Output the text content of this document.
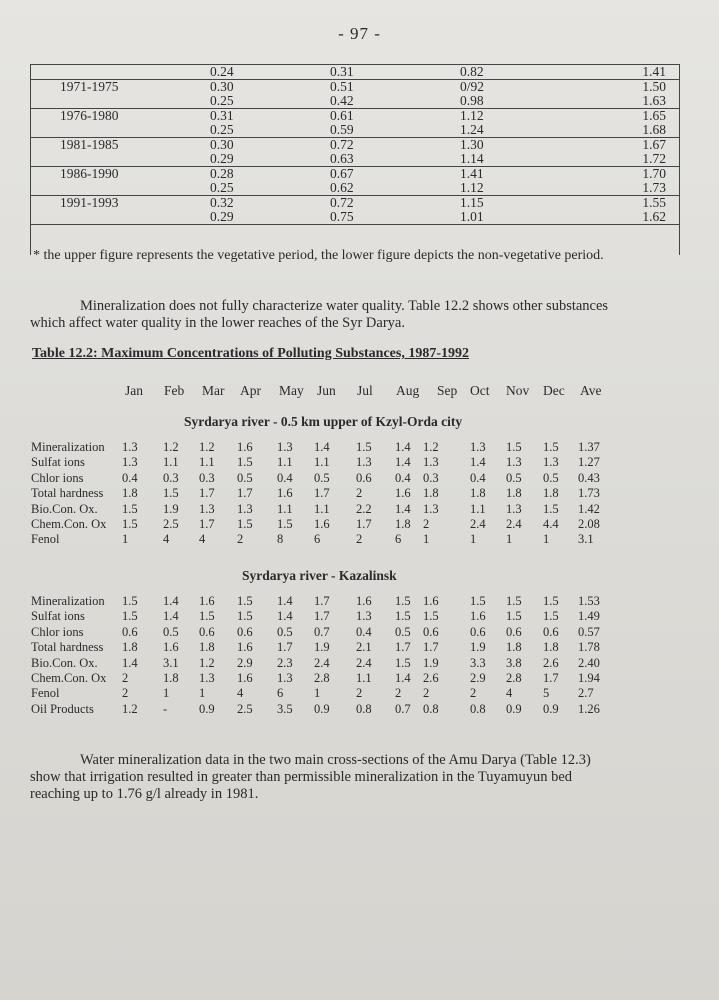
- 97 -
	0.24	0.31	0.82	1.41
1971-1975	0.30	0.51	0/92	1.50
	0.25	0.42	0.98	1.63
1976-1980	0.31	0.61	1.12	1.65
	0.25	0.59	1.24	1.68
1981-1985	0.30	0.72	1.30	1.67
	0.29	0.63	1.14	1.72
1986-1990	0.28	0.67	1.41	1.70
	0.25	0.62	1.12	1.73
1991-1993	0.32	0.72	1.15	1.55
	0.29	0.75	1.01	1.62
* the upper figure represents the vegetative period, the lower figure depicts the non-vegetative period.
Mineralization does not fully characterize water quality. Table 12.2 shows other substances which affect water quality in the lower reaches of the Syr Darya.
Table 12.2: Maximum Concentrations of Polluting Substances, 1987-1992
Jan Feb Mar Apr May Jun Jul Aug Sep Oct Nov Dec Ave
Syrdarya river - 0.5 km upper of Kzyl-Orda city
Mineralization 1.3 1.2 1.2 1.6 1.3 1.4 1.5 1.4 1.2	1.3 1.5 1.5 1.37
Sulfat ions	1.3 1.1 1.1 1.5 1.1 1.1 1.3 1.4 1.3	1.4 1.3 1.3 1.27
Chlor ions	0.4 0.3 0.3 0.5 0.4 0.5 0.6 0.4 0.3	0.4 0.5 0.5 0.43
Total hardness 1.8 1.5 1.7 1.7 1.6 1.7 2	1.6 1.8	1.8 1.8 1.8 1.73
Bio.Con. Ox. 1.5 1.9 1.3 1.3 1.1 1.1 2.2 1.4 1.3	1.1 1.3 1.5 1.42
Chem.Con. Ox 1.5 2.5 1.7 1.5 1.5 1.6 1.7 1.8 2	2.4 2.4 4.4 2.08
Fenol	1	4 4	2	8 6	2	6 1	1 1 1 3.1
Syrdarya river - Kazalinsk
Mineralization 1.5 1.4 1.6 1.5 1.4 1.7 1.6 1.5 1.6	1.5 1.5 1.5 1.53
Sulfat ions	1.5 1.4 1.5 1.5 1.4 1.7 1.3 1.5 1.5	1.6 1.5 1.5 1.49
Chlor ions	0.6 0.5 0.6 0.6 0.5 0.7 0.4 0.5 0.6	0.6 0.6 0.6 0.57
Total hardness 1.8 1.6 1.8 1.6 1.7 1.9 2.1 1.7 1.7	1.9 1.8 1.8 1.78
Bio.Con. Ox. 1.4 3.1 1.2 2.9 2.3 2.4 2.4 1.5 1.9	3.3 3.8 2.6 2.40
Chem.Con. Ox 2	1.8 1.3 1.6 1.3 2.8 1.1 1.4 2.6	2.9 2.8 1.7 1.94
Fenol	2	1 1	4	6 1	2	2 2	2 4 5 2.7
Oil Products 1.2 -	0.9 2.5 3.5 0.9 0.8 0.7 0.8	0.8 0.9 0.9 1.26
Water mineralization data in the two main cross-sections of the Amu Darya (Table 12.3) show that irrigation resulted in greater than permissible mineralization in the Tuyamuyun bed reaching up to 1.76 g/l already in 1981.
